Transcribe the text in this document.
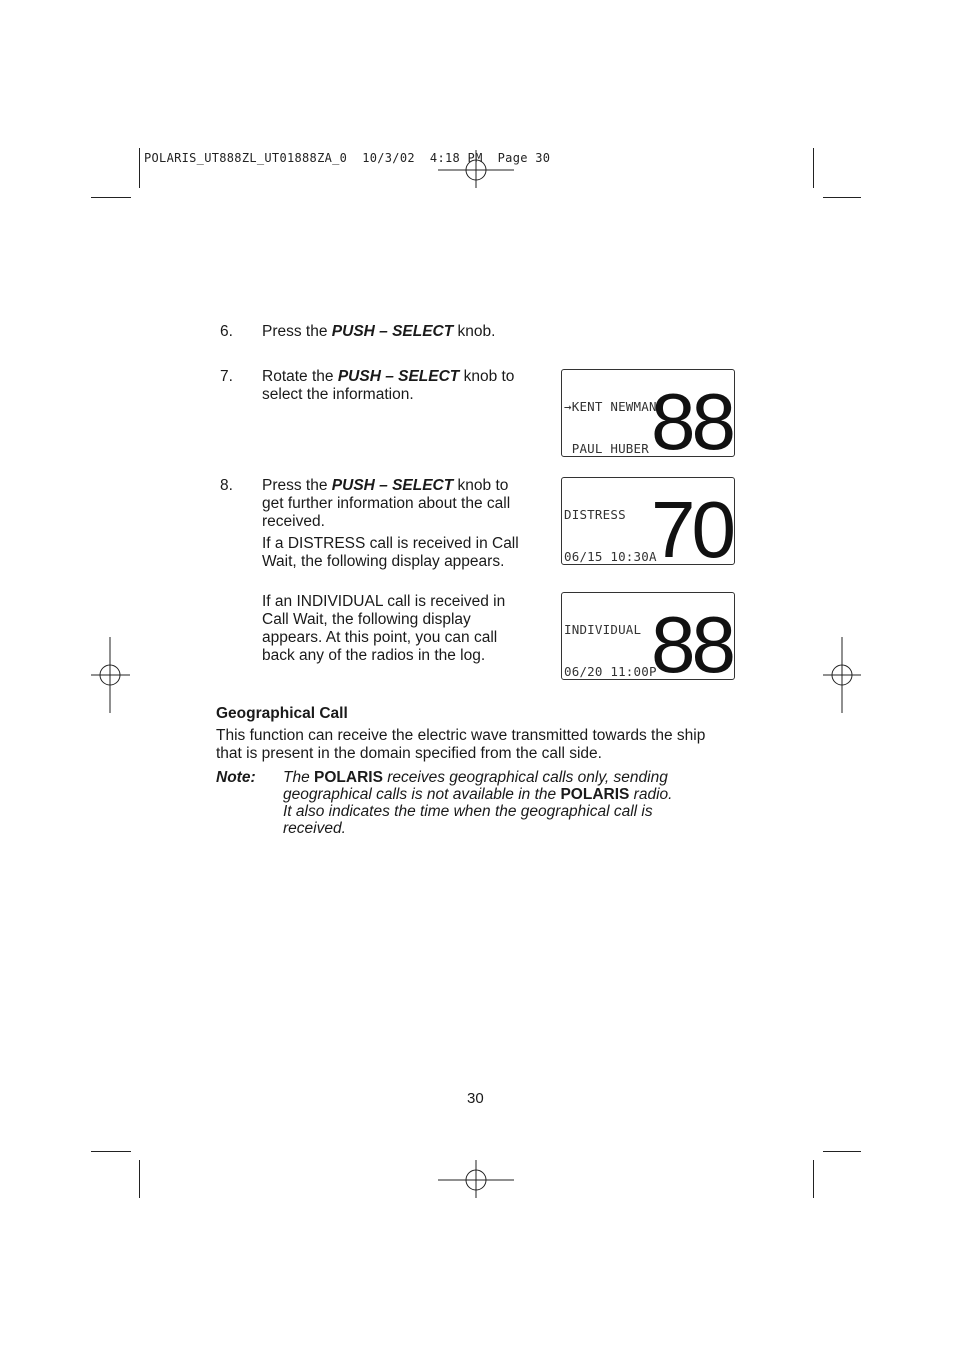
POLARIS_UT888ZL_UT01888ZA_0  10/3/02  4:18 PM  Page 30
6. Press the PUSH – SELECT knob.
7. Rotate the PUSH – SELECT knob to
select the information.

→KENT NEWMAN

PAUL HUBER

88
8. Press the PUSH – SELECT knob to
get further information about the call
received.
If a DISTRESS call is received in Call
Wait, the following display appears.
If an INDIVIDUAL call is received in
Call Wait, the following display
appears. At this point, you can call
back any of the radios in the log.

DISTRESS

06/15 10:30A

70

INDIVIDUAL

06/20 11:00P

88
Geographical Call
This function can receive the electric wave transmitted towards the ship
that is present in the domain specified from the call side.
Note: The POLARIS receives geographical calls only, sending
geographical calls is not available in the POLARIS radio.
It also indicates the time when the geographical call is
received.
30
